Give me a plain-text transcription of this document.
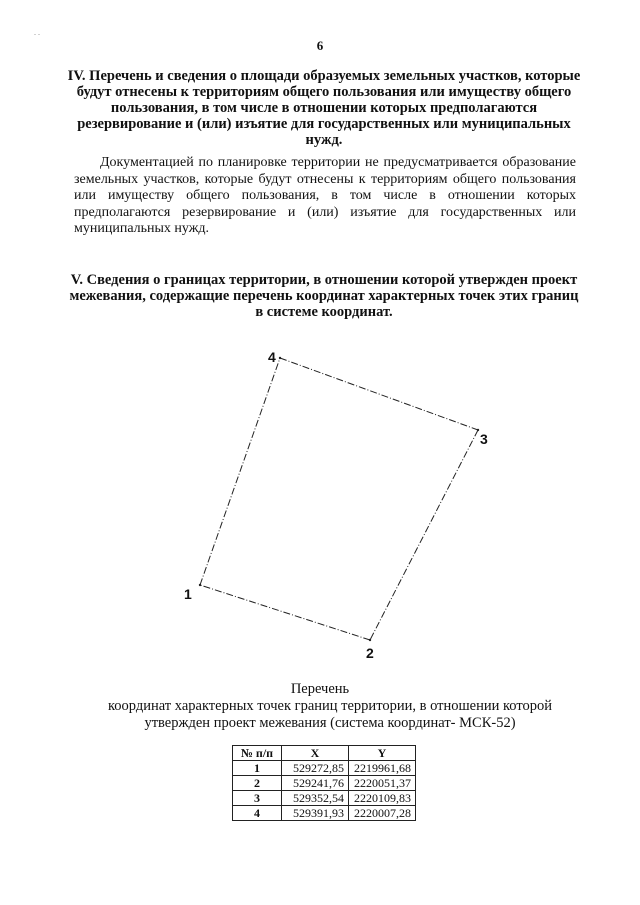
. .
6
IV. Перечень и сведения о площади образуемых земельных участков, которые будут отнесены к территориям общего пользования или имуществу общего пользования, в том числе в отношении которых предполагаются резервирование и (или) изъятие для государственных или муниципальных нужд.
Документацией по планировке территории не предусматривается образование земельных участков, которые будут отнесены к территориям общего пользования или имуществу общего пользования, в том числе в отношении которых предполагаются резервирование и (или) изъятие для государственных или муниципальных нужд.
V. Сведения о границах территории, в отношении которой утвержден проект межевания, содержащие перечень координат характерных точек этих границ в системе координат.
1
2
3
4
Перечень
координат характерных точек границ территории, в отношении которой утвержден проект межевания (система координат- МСК-52)
№ п/п	X	Y
1	529272,85	2219961,68
2	529241,76	2220051,37
3	529352,54	2220109,83
4	529391,93	2220007,28
